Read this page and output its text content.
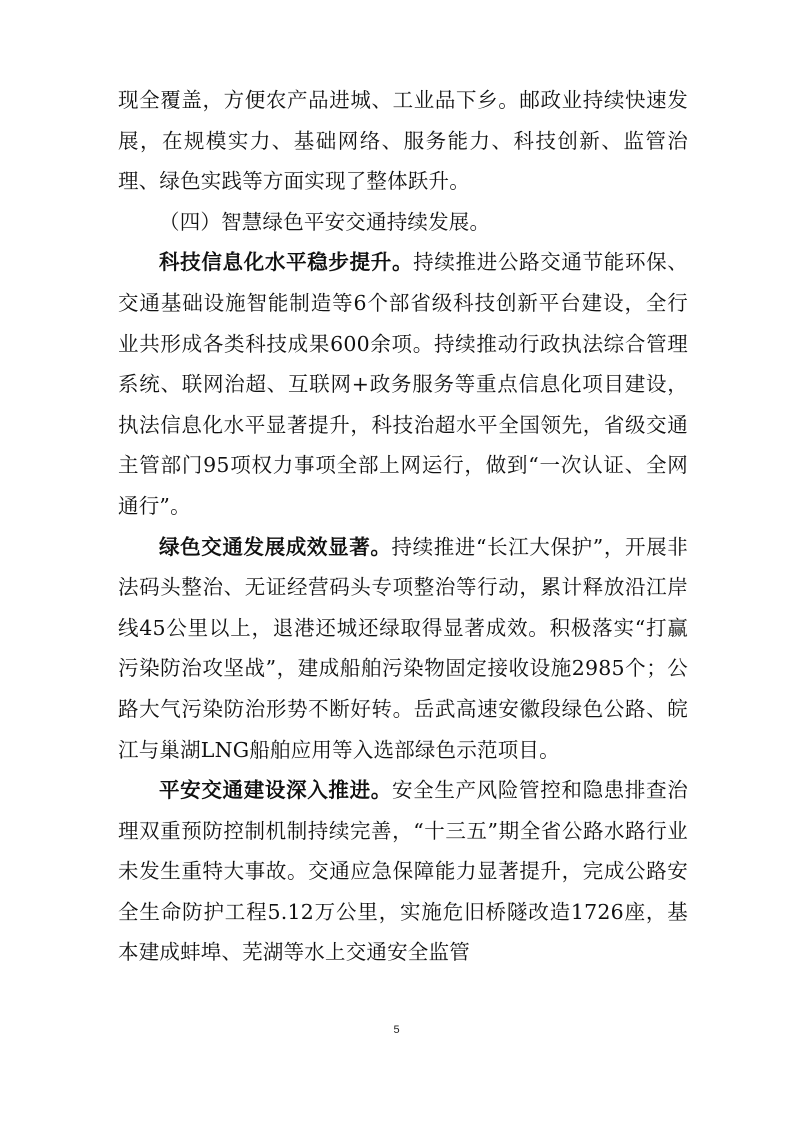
现全覆盖，方便农产品进城、工业品下乡。邮政业持续快速发展，在规模实力、基础网络、服务能力、科技创新、监管治理、绿色实践等方面实现了整体跃升。

（四）智慧绿色平安交通持续发展。

科技信息化水平稳步提升。持续推进公路交通节能环保、交通基础设施智能制造等6个部省级科技创新平台建设，全行业共形成各类科技成果600余项。持续推动行政执法综合管理系统、联网治超、互联网+政务服务等重点信息化项目建设，执法信息化水平显著提升，科技治超水平全国领先，省级交通主管部门95项权力事项全部上网运行，做到“一次认证、全网通行”。

绿色交通发展成效显著。持续推进“长江大保护”，开展非法码头整治、无证经营码头专项整治等行动，累计释放沿江岸线45公里以上，退港还城还绿取得显著成效。积极落实“打赢污染防治攻坚战”，建成船舶污染物固定接收设施2985个；公路大气污染防治形势不断好转。岳武高速安徽段绿色公路、皖江与巢湖LNG船舶应用等入选部绿色示范项目。

平安交通建设深入推进。安全生产风险管控和隐患排查治理双重预防控制机制持续完善，“十三五”期全省公路水路行业未发生重特大事故。交通应急保障能力显著提升，完成公路安全生命防护工程5.12万公里，实施危旧桥隧改造1726座，基本建成蚌埠、芜湖等水上交通安全监管

5
